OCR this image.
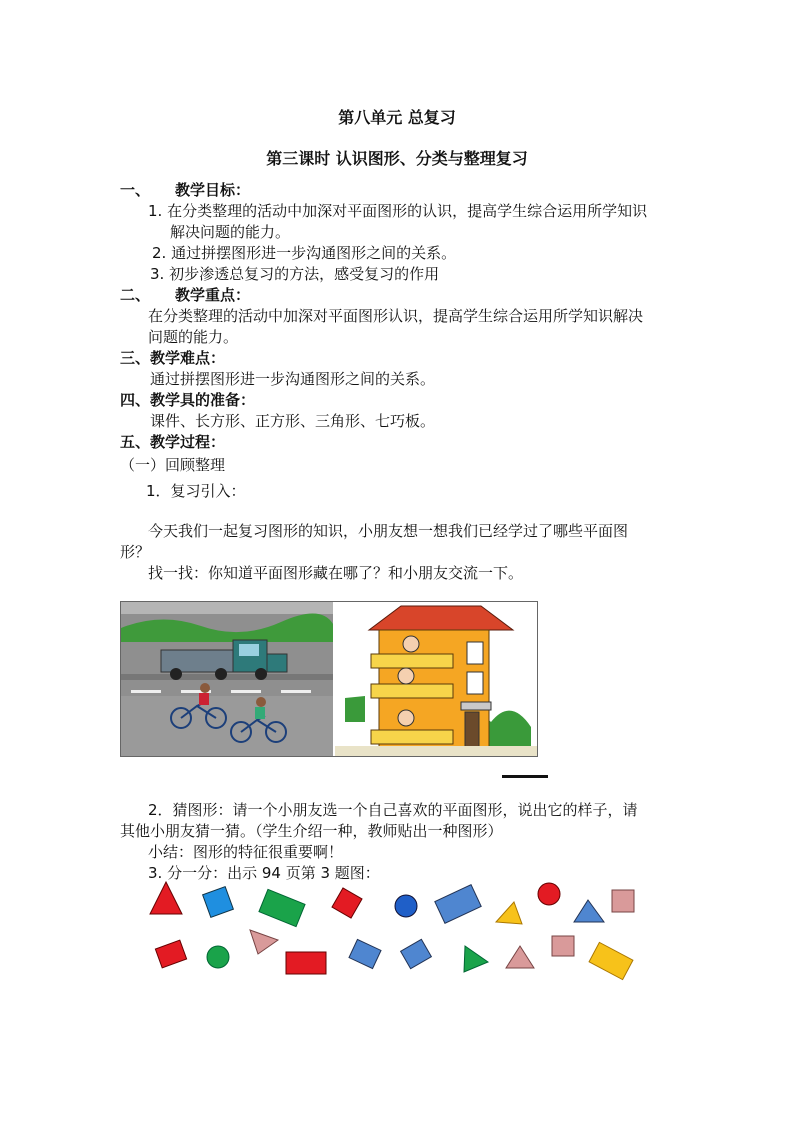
第八单元 总复习
第三课时 认识图形、分类与整理复习
一、 教学目标：
1. 在分类整理的活动中加深对平面图形的认识，提高学生综合运用所学知识
解决问题的能力。
2. 通过拼摆图形进一步沟通图形之间的关系。
3. 初步渗透总复习的方法，感受复习的作用
二、 教学重点：
在分类整理的活动中加深对平面图形认识，提高学生综合运用所学知识解决
问题的能力。
三、教学难点：
通过拼摆图形进一步沟通图形之间的关系。
四、教学具的准备：
课件、长方形、正方形、三角形、七巧板。
五、教学过程：
（一）回顾整理
1．复习引入：
今天我们一起复习图形的知识，小朋友想一想我们已经学过了哪些平面图
形？
找一找：你知道平面图形藏在哪了？和小朋友交流一下。
2．猜图形：请一个小朋友选一个自己喜欢的平面图形，说出它的样子，请
其他小朋友猜一猜。（学生介绍一种，教师贴出一种图形）
小结：图形的特征很重要啊！
3. 分一分：出示 94 页第 3 题图：
